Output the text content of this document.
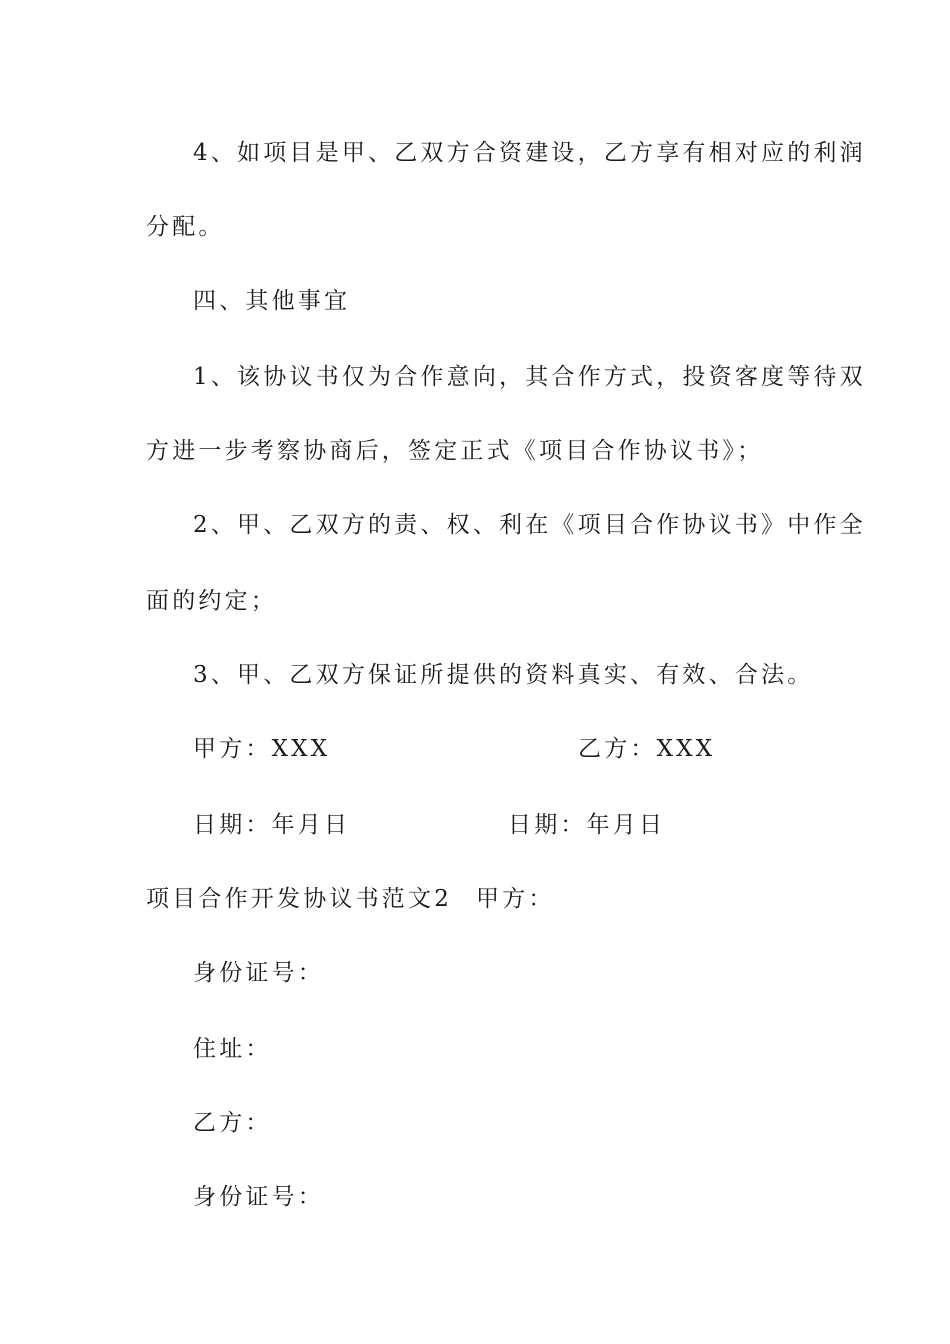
4、如项目是甲、乙双方合资建设，乙方享有相对应的利润
分配。
四、其他事宜
1、该协议书仅为合作意向，其合作方式，投资客度等待双
方进一步考察协商后，签定正式《项目合作协议书》；
2、甲、乙双方的责、权、利在《项目合作协议书》中作全
面的约定；
3、甲、乙双方保证所提供的资料真实、有效、合法。
甲方：XXX	乙方：XXX
日期：年月日	日期：年月日
项目合作开发协议书范文2 甲方：
身份证号：
住址：
乙方：
身份证号：
